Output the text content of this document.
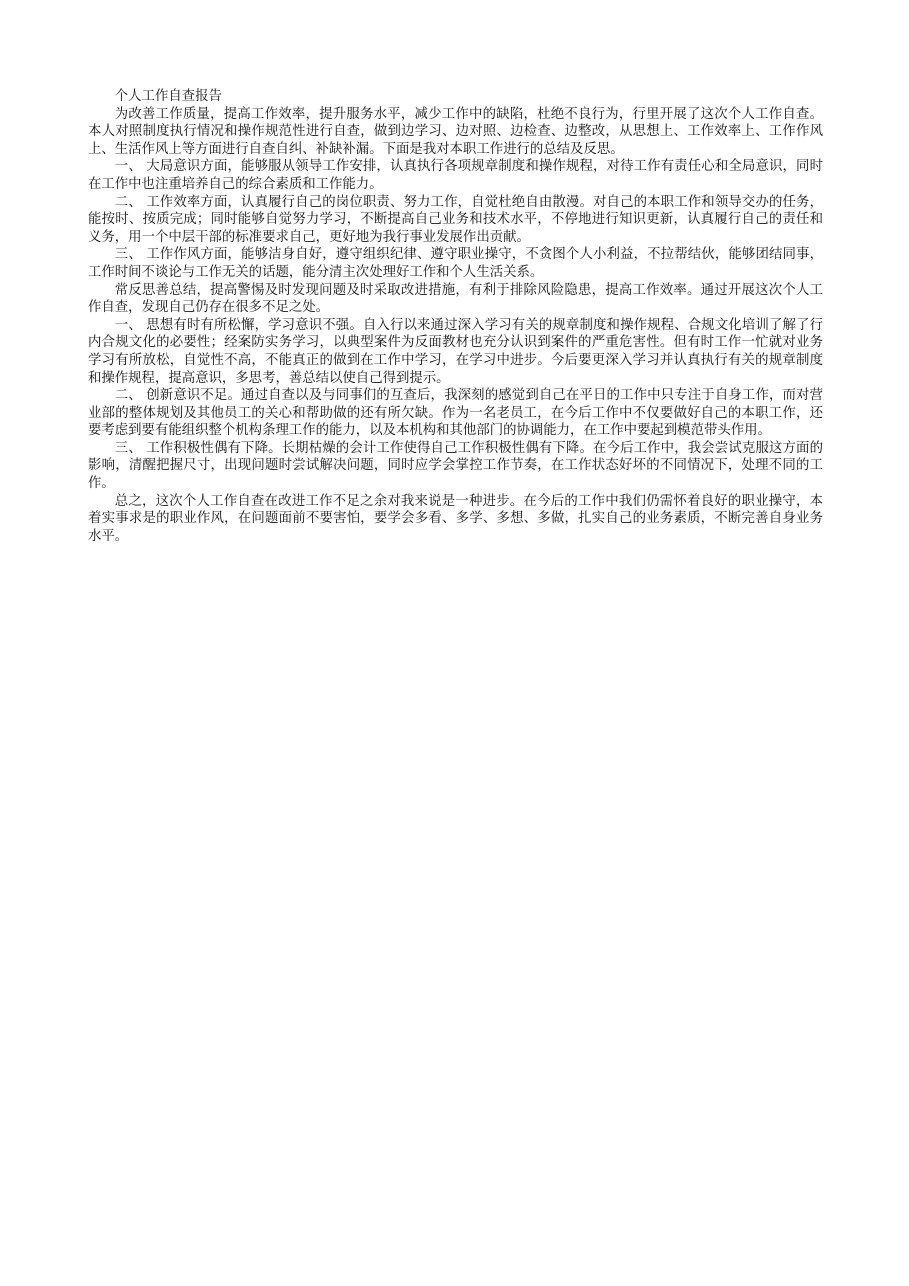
个人工作自查报告

为改善工作质量，提高工作效率，提升服务水平，减少工作中的缺陷，杜绝不良行为，行里开展了这次个人工作自查。本人对照制度执行情况和操作规范性进行自查，做到边学习、边对照、边检查、边整改，从思想上、工作效率上、工作作风上、生活作风上等方面进行自查自纠、补缺补漏。下面是我对本职工作进行的总结及反思。

一、 大局意识方面，能够服从领导工作安排，认真执行各项规章制度和操作规程，对待工作有责任心和全局意识，同时在工作中也注重培养自己的综合素质和工作能力。

二、 工作效率方面，认真履行自己的岗位职责、努力工作，自觉杜绝自由散漫。对自己的本职工作和领导交办的任务，能按时、按质完成；同时能够自觉努力学习，不断提高自己业务和技术水平，不停地进行知识更新，认真履行自己的责任和义务，用一个中层干部的标准要求自己，更好地为我行事业发展作出贡献。

三、 工作作风方面，能够洁身自好，遵守组织纪律、遵守职业操守，不贪图个人小利益，不拉帮结伙，能够团结同事，工作时间不谈论与工作无关的话题，能分清主次处理好工作和个人生活关系。

常反思善总结，提高警惕及时发现问题及时采取改进措施，有利于排除风险隐患，提高工作效率。通过开展这次个人工作自查，发现自己仍存在很多不足之处。

一、 思想有时有所松懈，学习意识不强。自入行以来通过深入学习有关的规章制度和操作规程、合规文化培训了解了行内合规文化的必要性；经案防实务学习，以典型案件为反面教材也充分认识到案件的严重危害性。但有时工作一忙就对业务学习有所放松，自觉性不高，不能真正的做到在工作中学习，在学习中进步。今后要更深入学习并认真执行有关的规章制度和操作规程，提高意识，多思考，善总结以使自己得到提示。

二、 创新意识不足。通过自查以及与同事们的互查后，我深刻的感觉到自己在平日的工作中只专注于自身工作，而对营业部的整体规划及其他员工的关心和帮助做的还有所欠缺。作为一名老员工，在今后工作中不仅要做好自己的本职工作，还要考虑到要有能组织整个机构条理工作的能力，以及本机构和其他部门的协调能力，在工作中要起到模范带头作用。

三、 工作积极性偶有下降。长期枯燥的会计工作使得自己工作积极性偶有下降。在今后工作中，我会尝试克服这方面的影响，清醒把握尺寸，出现问题时尝试解决问题，同时应学会掌控工作节奏，在工作状态好坏的不同情况下，处理不同的工作。

总之，这次个人工作自查在改进工作不足之余对我来说是一种进步。在今后的工作中我们仍需怀着良好的职业操守，本着实事求是的职业作风，在问题面前不要害怕，要学会多看、多学、多想、多做，扎实自己的业务素质，不断完善自身业务水平。
